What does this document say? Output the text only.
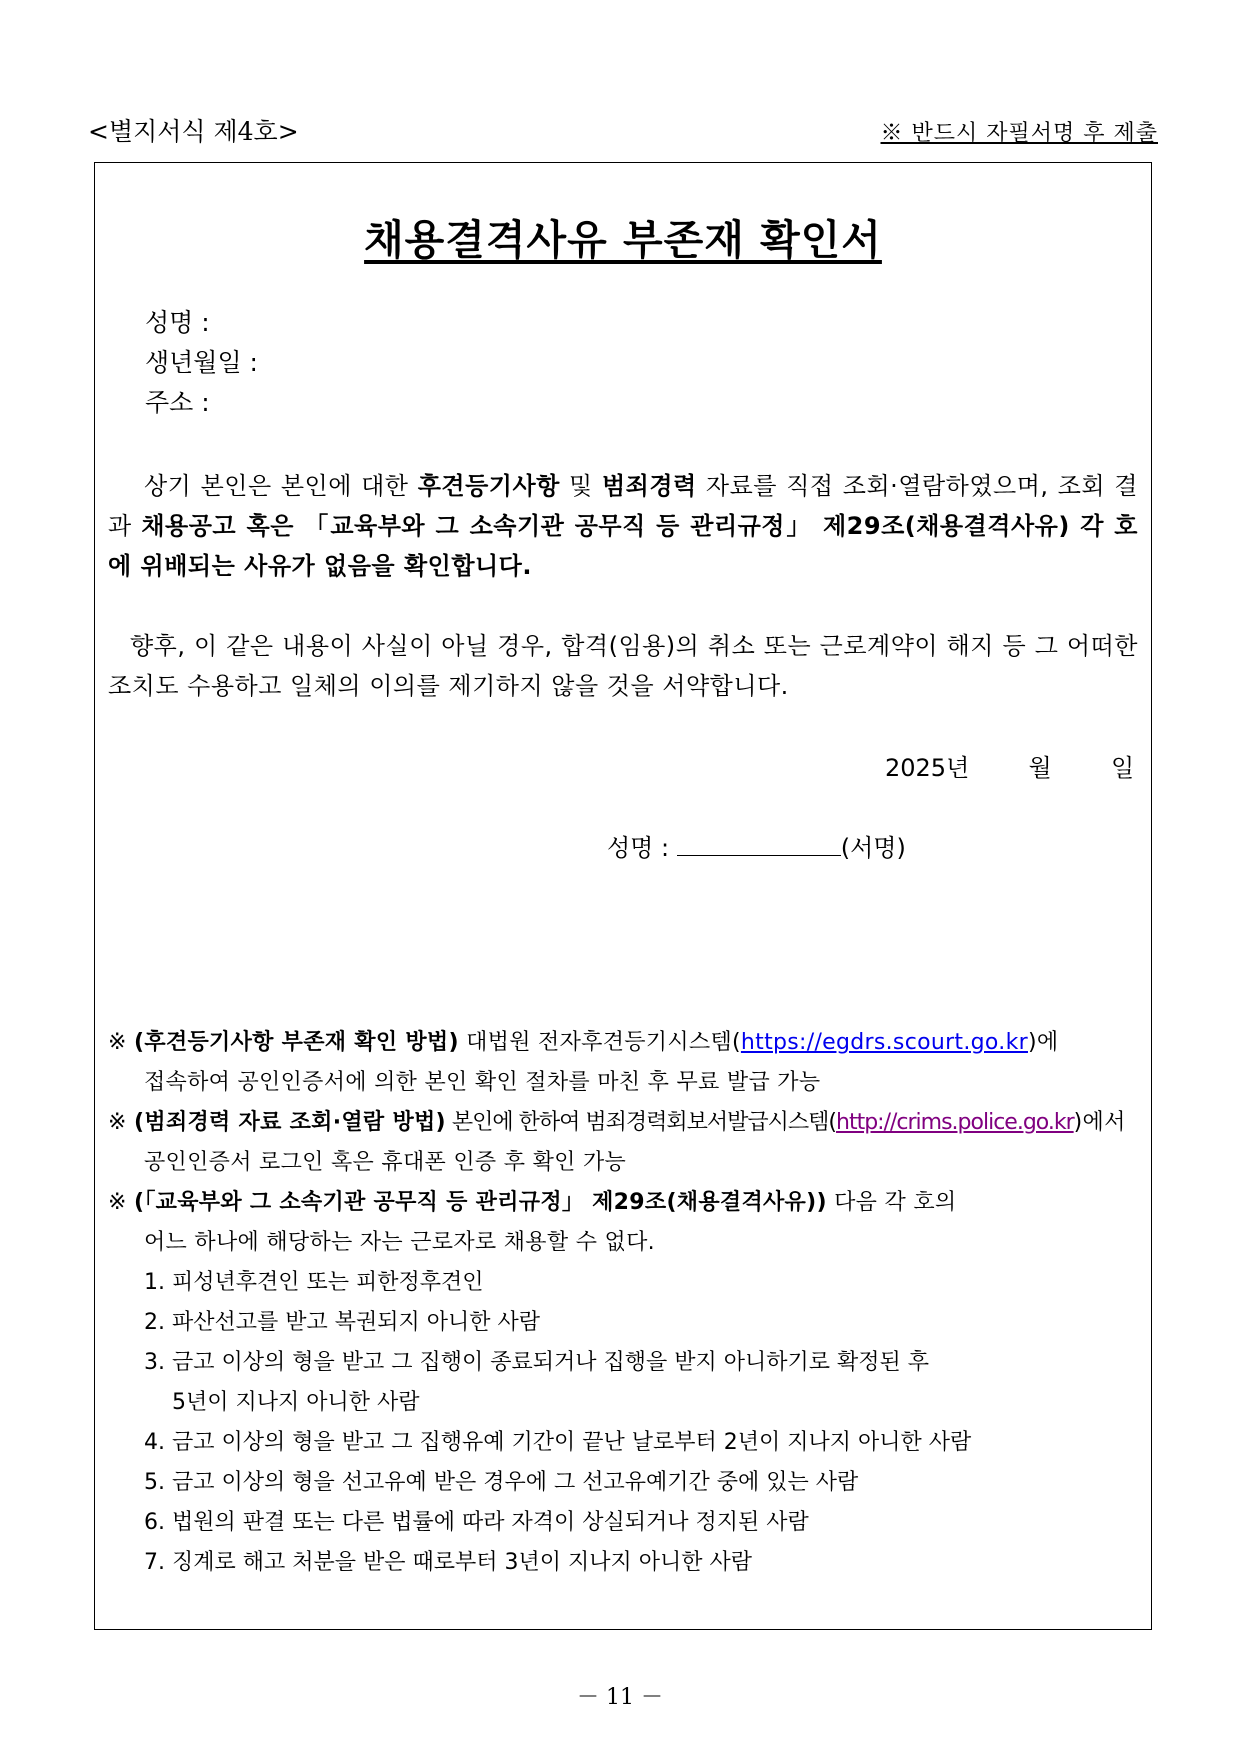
<별지서식 제4호>	※ 반드시 자필서명 후 제출
채용결격사유 부존재 확인서
성명 :
생년월일 :
주소 :
상기 본인은 본인에 대한 후견등기사항 및 범죄경력 자료를 직접 조회·열람하였으며, 조회 결과 채용공고 혹은 「교육부와 그 소속기관 공무직 등 관리규정」 제29조(채용결격사유) 각 호에 위배되는 사유가 없음을 확인합니다.
향후, 이 같은 내용이 사실이 아닐 경우, 합격(임용)의 취소 또는 근로계약이 해지 등 그 어떠한 조치도 수용하고 일체의 이의를 제기하지 않을 것을 서약합니다.
2025년 월 일
성명 :	(서명)
※ (후견등기사항 부존재 확인 방법) 대법원 전자후견등기시스템(https://egdrs.scourt.go.kr)에
접속하여 공인인증서에 의한 본인 확인 절차를 마친 후 무료 발급 가능
※ (범죄경력 자료 조회·열람 방법) 본인에 한하여 범죄경력회보서발급시스템(http://crims.police.go.kr)에서
공인인증서 로그인 혹은 휴대폰 인증 후 확인 가능
※ (「교육부와 그 소속기관 공무직 등 관리규정」 제29조(채용결격사유)) 다음 각 호의
어느 하나에 해당하는 자는 근로자로 채용할 수 없다.
1. 피성년후견인 또는 피한정후견인
2. 파산선고를 받고 복권되지 아니한 사람
3. 금고 이상의 형을 받고 그 집행이 종료되거나 집행을 받지 아니하기로 확정된 후
5년이 지나지 아니한 사람
4. 금고 이상의 형을 받고 그 집행유예 기간이 끝난 날로부터 2년이 지나지 아니한 사람
5. 금고 이상의 형을 선고유예 받은 경우에 그 선고유예기간 중에 있는 사람
6. 법원의 판결 또는 다른 법률에 따라 자격이 상실되거나 정지된 사람
7. 징계로 해고 처분을 받은 때로부터 3년이 지나지 아니한 사람
－ 11 －
